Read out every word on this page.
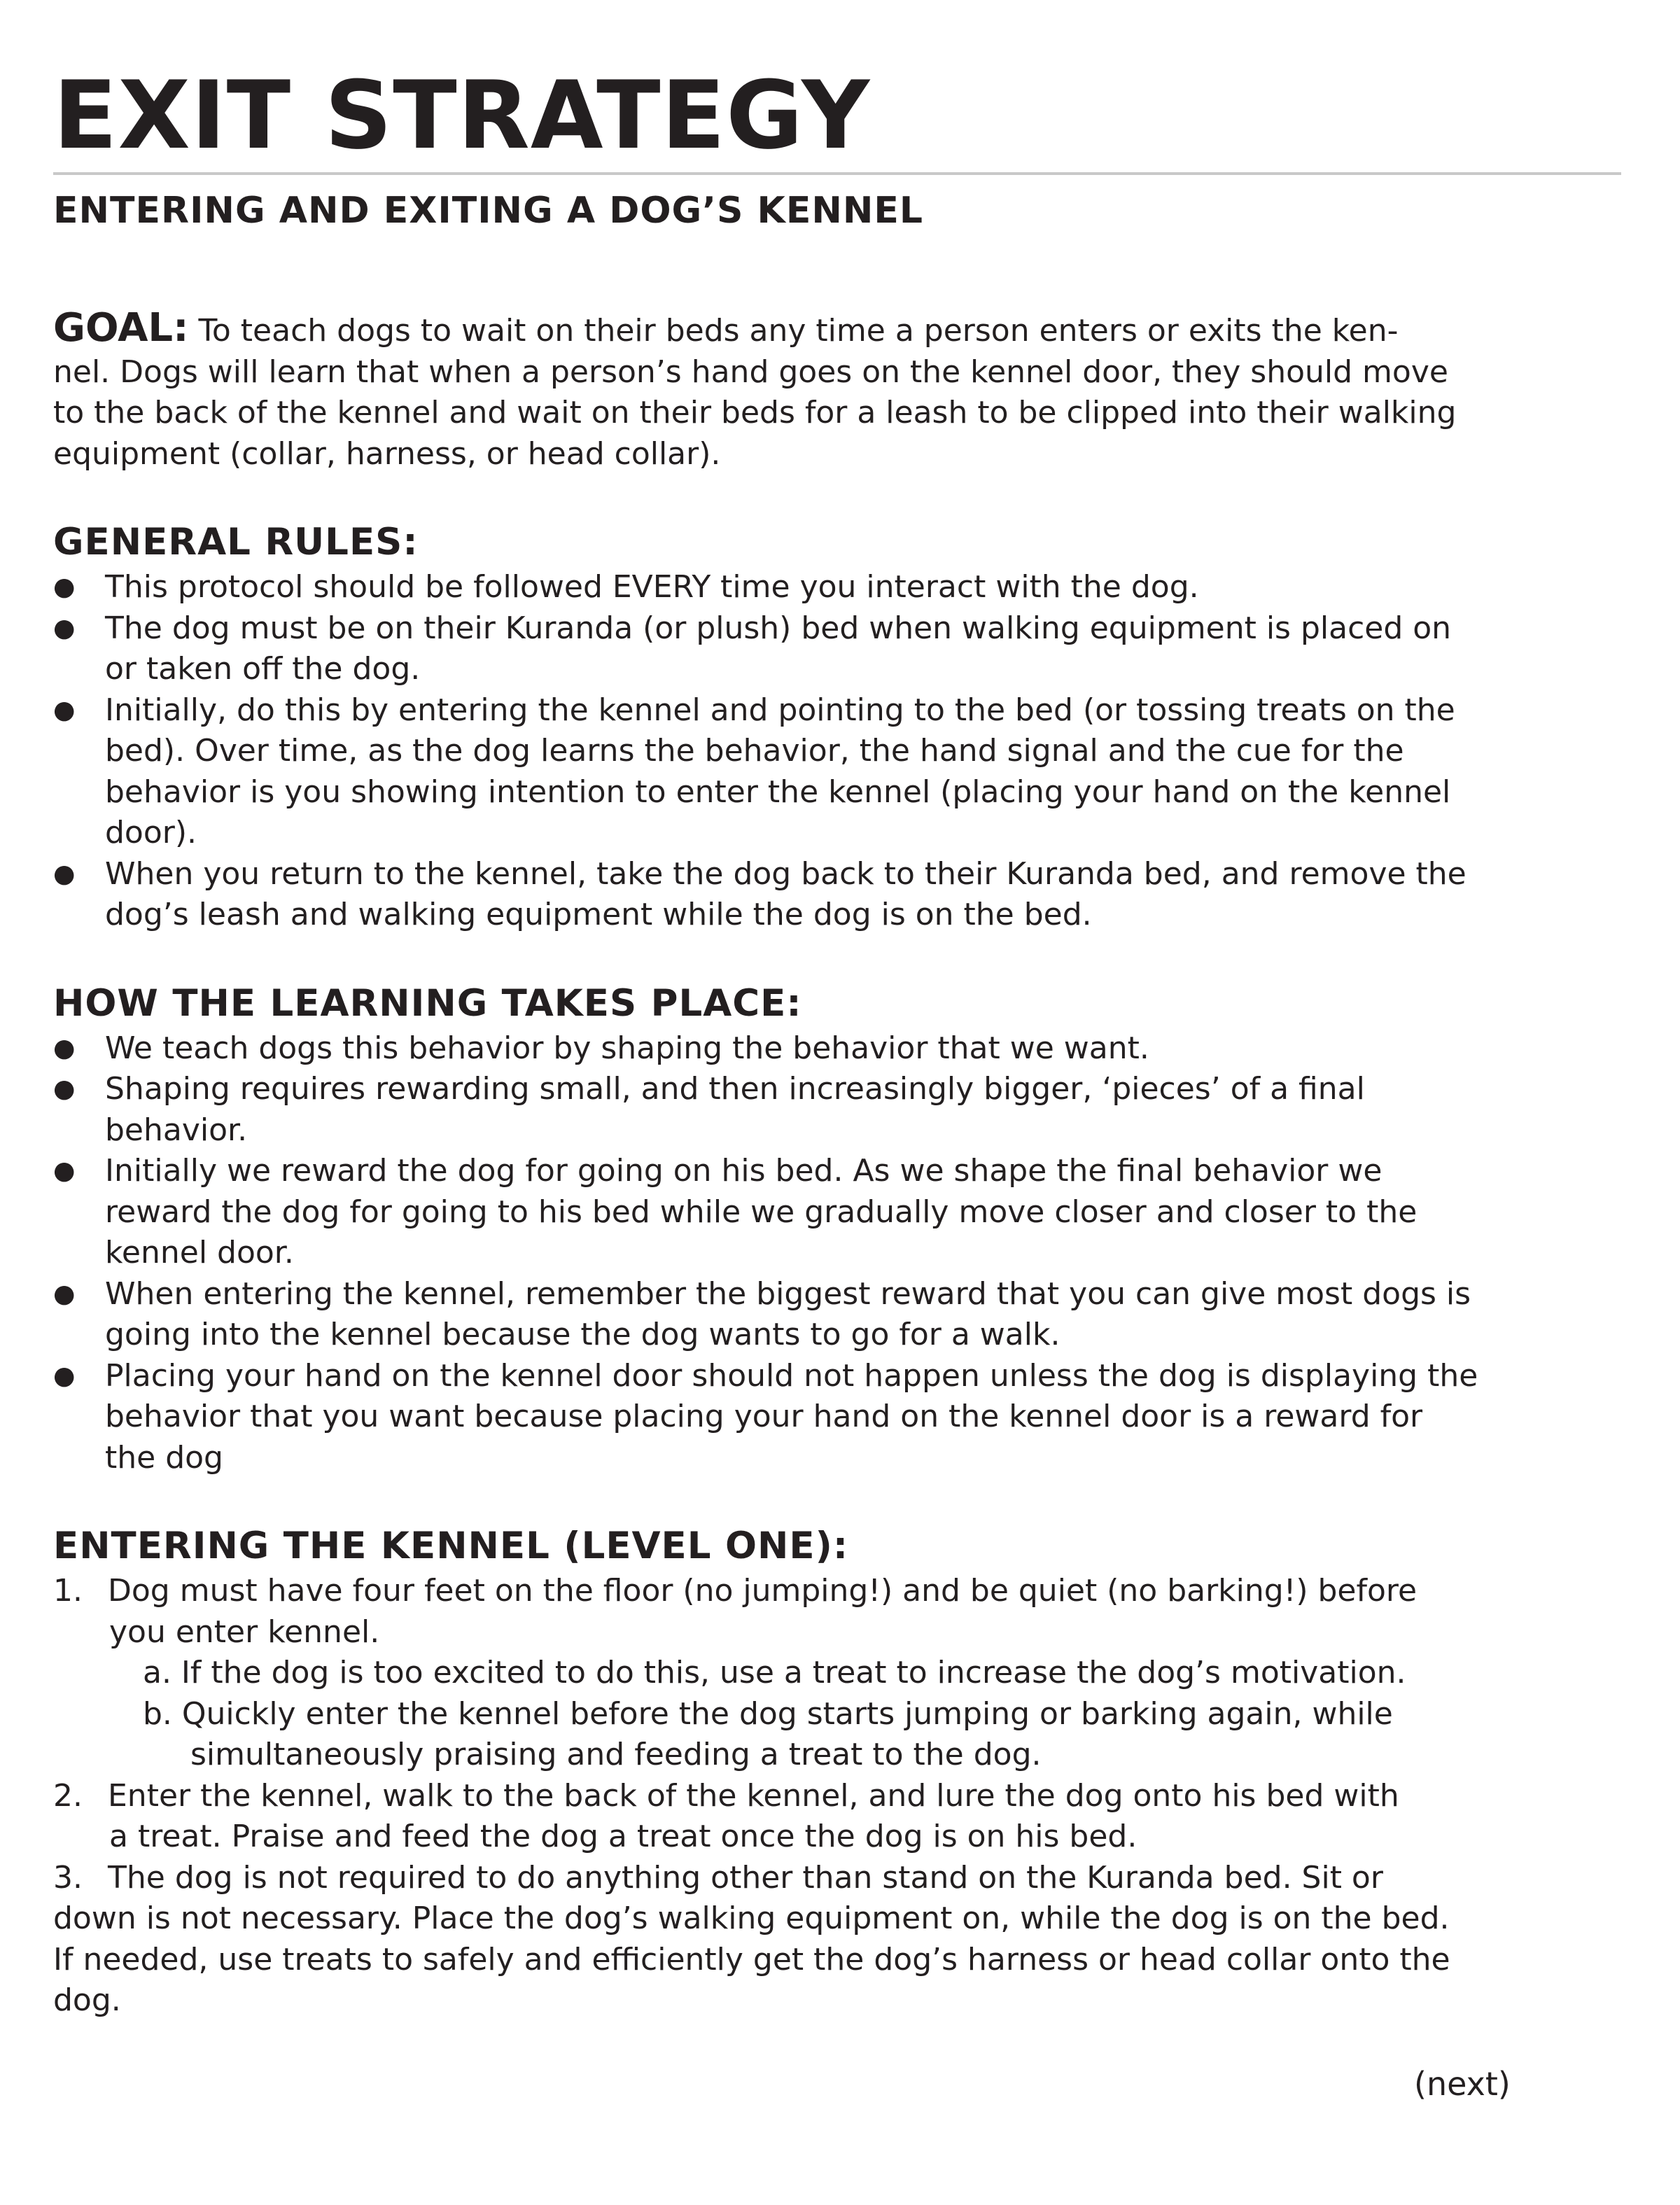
EXIT STRATEGY
ENTERING AND EXITING A DOG’S KENNEL
GOAL: To teach dogs to wait on their beds any time a person enters or exits the ken-
nel. Dogs will learn that when a person’s hand goes on the kennel door, they should move
to the back of the kennel and wait on their beds for a leash to be clipped into their walking
equipment (collar, harness, or head collar).
GENERAL RULES:
● This protocol should be followed EVERY time you interact with the dog.
● The dog must be on their Kuranda (or plush) bed when walking equipment is placed on
or taken off the dog.
● Initially, do this by entering the kennel and pointing to the bed (or tossing treats on the
bed). Over time, as the dog learns the behavior, the hand signal and the cue for the
behavior is you showing intention to enter the kennel (placing your hand on the kennel
door).
● When you return to the kennel, take the dog back to their Kuranda bed, and remove the
dog’s leash and walking equipment while the dog is on the bed.
HOW THE LEARNING TAKES PLACE:
● We teach dogs this behavior by shaping the behavior that we want.
● Shaping requires rewarding small, and then increasingly bigger, ‘pieces’ of a final
behavior.
● Initially we reward the dog for going on his bed. As we shape the final behavior we
reward the dog for going to his bed while we gradually move closer and closer to the
kennel door.
● When entering the kennel, remember the biggest reward that you can give most dogs is
going into the kennel because the dog wants to go for a walk.
● Placing your hand on the kennel door should not happen unless the dog is displaying the
behavior that you want because placing your hand on the kennel door is a reward for
the dog
ENTERING THE KENNEL (LEVEL ONE):
1. Dog must have four feet on the floor (no jumping!) and be quiet (no barking!) before
you enter kennel.
a. If the dog is too excited to do this, use a treat to increase the dog’s motivation.
b. Quickly enter the kennel before the dog starts jumping or barking again, while
simultaneously praising and feeding a treat to the dog.
2. Enter the kennel, walk to the back of the kennel, and lure the dog onto his bed with
a treat. Praise and feed the dog a treat once the dog is on his bed.
3. The dog is not required to do anything other than stand on the Kuranda bed. Sit or
down is not necessary. Place the dog’s walking equipment on, while the dog is on the bed.
If needed, use treats to safely and efficiently get the dog’s harness or head collar onto the
dog.
(next)
